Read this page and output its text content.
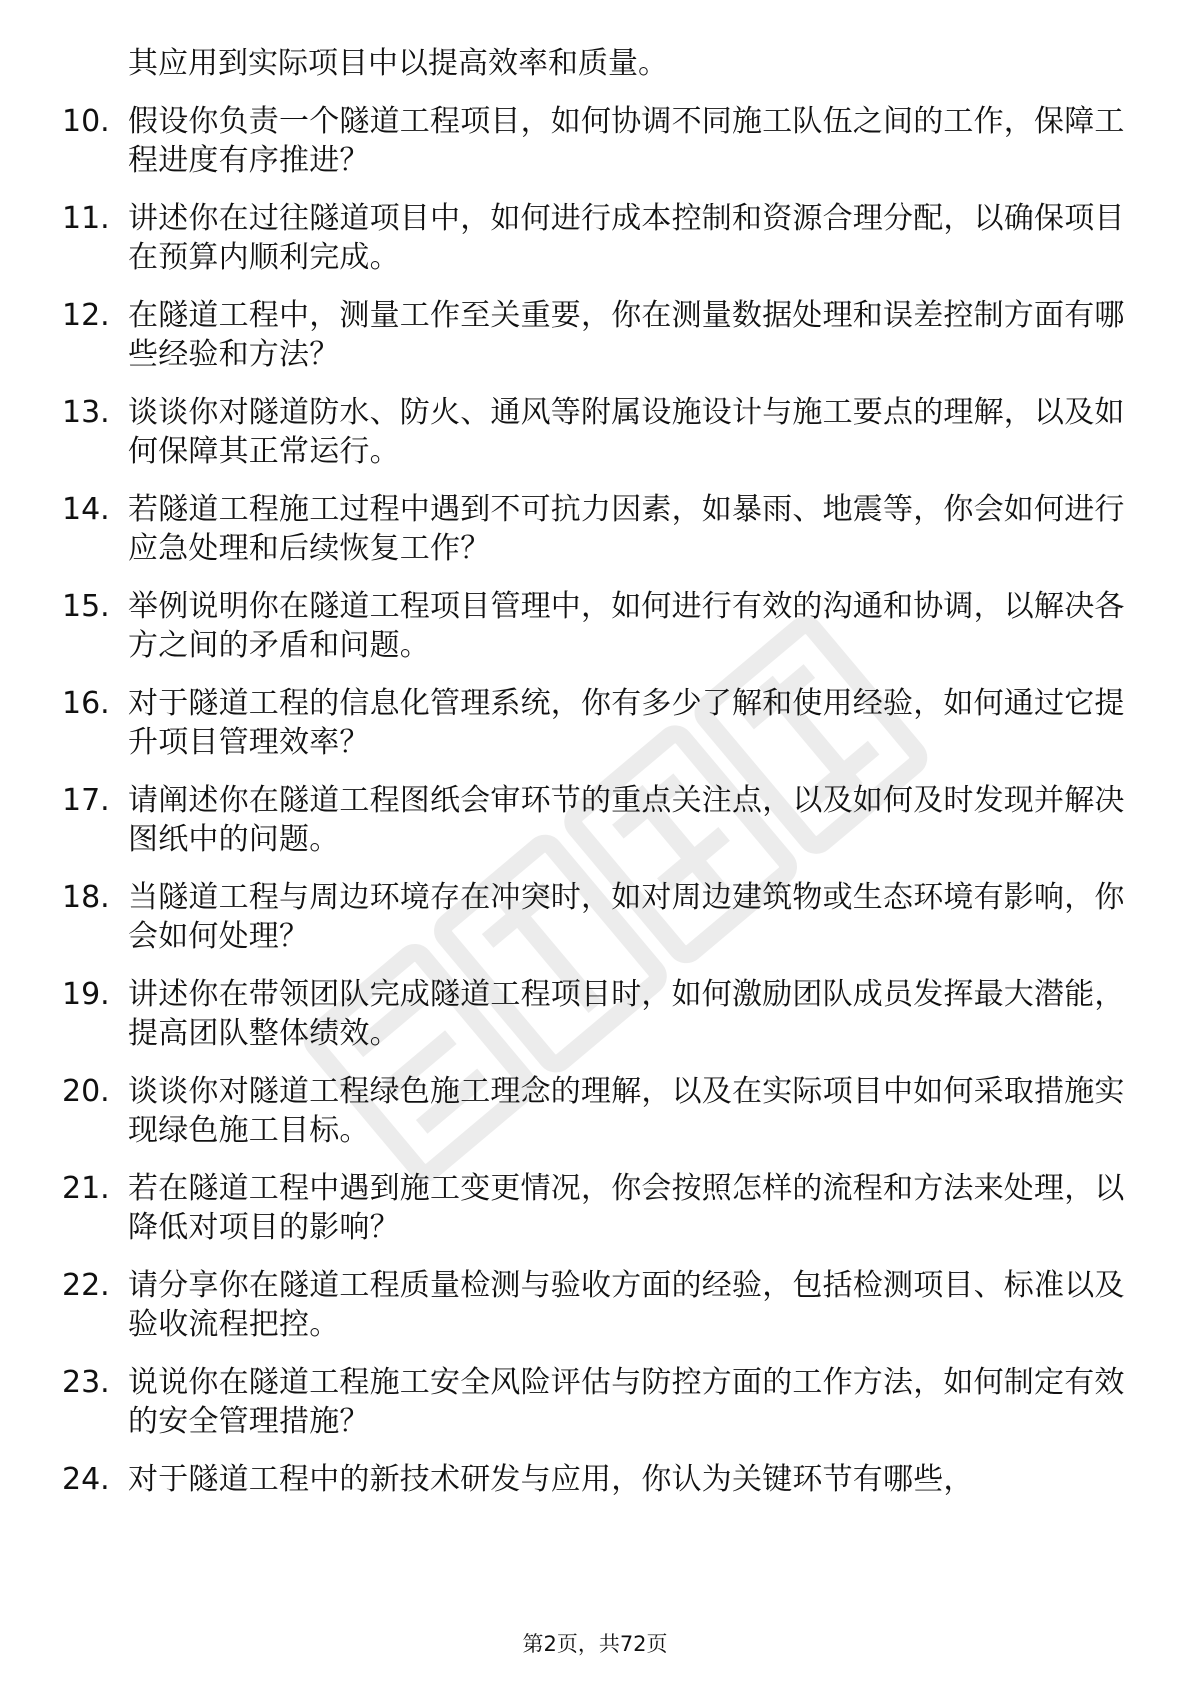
其应用到实际项目中以提高效率和质量。
10. 假设你负责一个隧道工程项目，如何协调不同施工队伍之间的工作，保障工程进度有序推进？
11. 讲述你在过往隧道项目中，如何进行成本控制和资源合理分配，以确保项目在预算内顺利完成。
12. 在隧道工程中，测量工作至关重要，你在测量数据处理和误差控制方面有哪些经验和方法？
13. 谈谈你对隧道防水、防火、通风等附属设施设计与施工要点的理解，以及如何保障其正常运行。
14. 若隧道工程施工过程中遇到不可抗力因素，如暴雨、地震等，你会如何进行应急处理和后续恢复工作？
15. 举例说明你在隧道工程项目管理中，如何进行有效的沟通和协调，以解决各方之间的矛盾和问题。
16. 对于隧道工程的信息化管理系统，你有多少了解和使用经验，如何通过它提升项目管理效率？
17. 请阐述你在隧道工程图纸会审环节的重点关注点，以及如何及时发现并解决图纸中的问题。
18. 当隧道工程与周边环境存在冲突时，如对周边建筑物或生态环境有影响，你会如何处理？
19. 讲述你在带领团队完成隧道工程项目时，如何激励团队成员发挥最大潜能，提高团队整体绩效。
20. 谈谈你对隧道工程绿色施工理念的理解，以及在实际项目中如何采取措施实现绿色施工目标。
21. 若在隧道工程中遇到施工变更情况，你会按照怎样的流程和方法来处理，以降低对项目的影响？
22. 请分享你在隧道工程质量检测与验收方面的经验，包括检测项目、标准以及验收流程把控。
23. 说说你在隧道工程施工安全风险评估与防控方面的工作方法，如何制定有效的安全管理措施？
24. 对于隧道工程中的新技术研发与应用，你认为关键环节有哪些，
第2页，共72页
